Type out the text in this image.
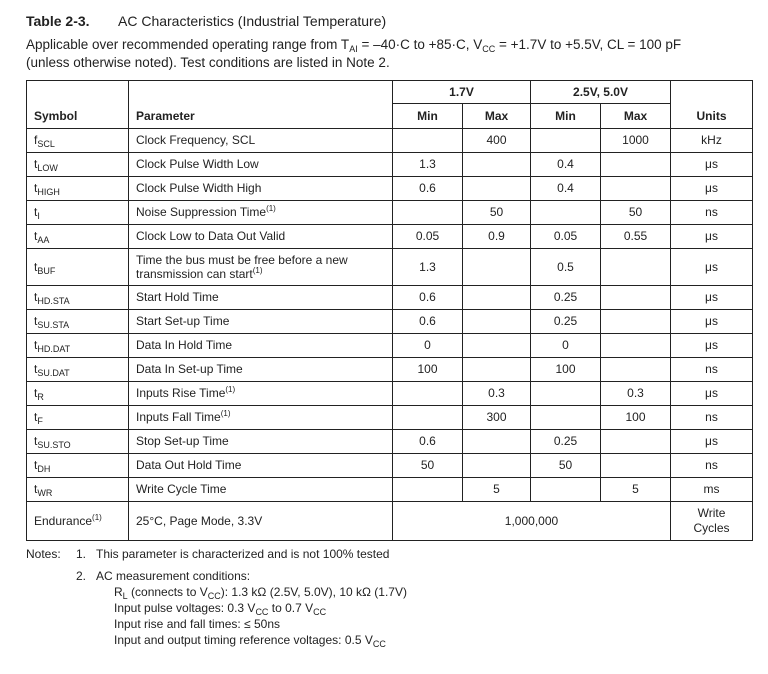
Table 2-3. AC Characteristics (Industrial Temperature)
Applicable over recommended operating range from $T_{AI} = -40\cdot C$ to +85·C, $V_{CC} = +1.7V$ to +5.5V, CL = 100 pF
(unless otherwise noted). Test conditions are listed in Note 2.
		1.7V		2.5V, 5.0V		
Symbol	Parameter	Min	Max	Min	Max	Units
$f_{SCL}$	Clock Frequency, SCL		400		1000	kHz
$t_{LOW}$	Clock Pulse Width Low	1.3		0.4		μs
$t_{HIGH}$	Clock Pulse Width High	0.6		0.4		μs
$t_I$	Noise Suppression Time$^{(1)}$		50		50	ns
$t_{AA}$	Clock Low to Data Out Valid	0.05	0.9	0.05	0.55	μs
$t_{BUF}$	Time the bus must be free before a new transmission can start$^{(1)}$	1.3		0.5		μs
$t_{HD.STA}$	Start Hold Time	0.6		0.25		μs
$t_{SU.STA}$	Start Set-up Time	0.6		0.25		μs
$t_{HD.DAT}$	Data In Hold Time	0		0		μs
$t_{SU.DAT}$	Data In Set-up Time	100		100		ns
$t_R$	Inputs Rise Time$^{(1)}$		0.3		0.3	μs
$t_F$	Inputs Fall Time$^{(1)}$		300		100	ns
$t_{SU.STO}$	Stop Set-up Time	0.6		0.25		μs
$t_{DH}$	Data Out Hold Time	50		50		ns
$t_{WR}$	Write Cycle Time		5		5	ms
Endurance$^{(1)}$	25°C, Page Mode, 3.3V	1,000,000				Write Cycles
Notes:	1. This parameter is characterized and is not 100% tested
2. AC measurement conditions:
$R_L$ (connects to $V_{CC}$): 1.3 kΩ (2.5V, 5.0V), 10 kΩ (1.7V)
Input pulse voltages: 0.3 $V_{CC}$ to 0.7 $V_{CC}$
Input rise and fall times: ≤ 50ns
Input and output timing reference voltages: 0.5 $V_{CC}$
